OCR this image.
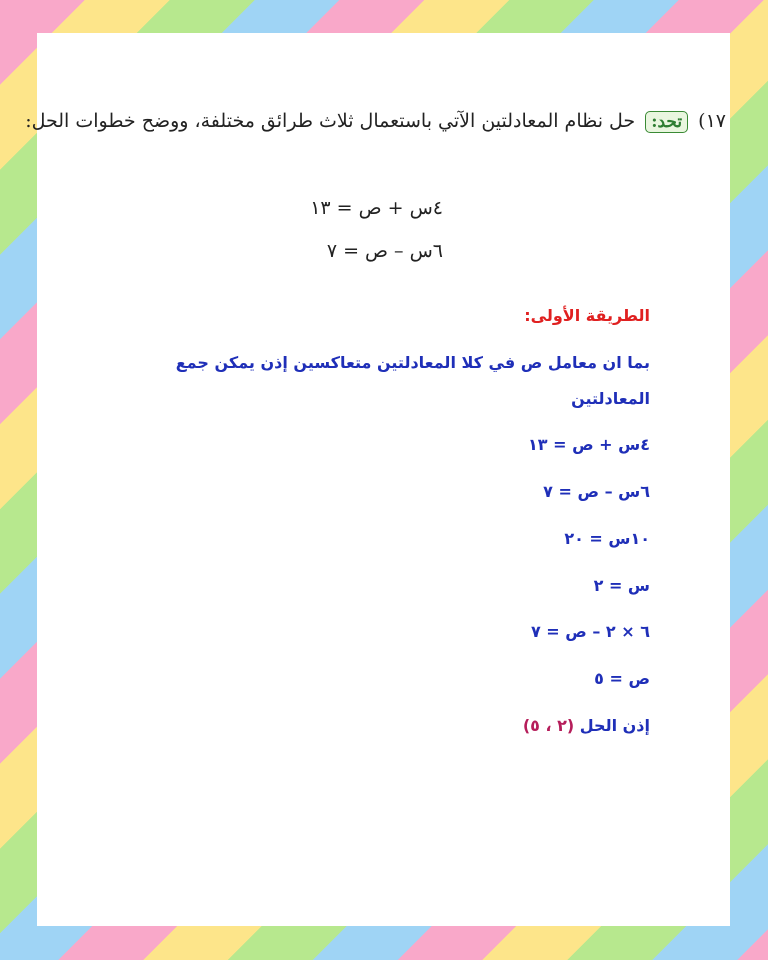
١٧) تحد: حل نظام المعادلتين الآتي باستعمال ثلاث طرائق مختلفة، ووضح خطوات الحل:
٤س + ص = ١٣
٦س – ص = ٧
الطريقة الأولى:
بما ان معامل ص في كلا المعادلتين متعاكسين إذن يمكن جمع
المعادلتين
٤س + ص = ١٣
٦س – ص = ٧
١٠س = ٢٠
س = ٢
٦ × ٢ – ص = ٧
ص = ٥
إذن الحل (٢ ، ٥)
